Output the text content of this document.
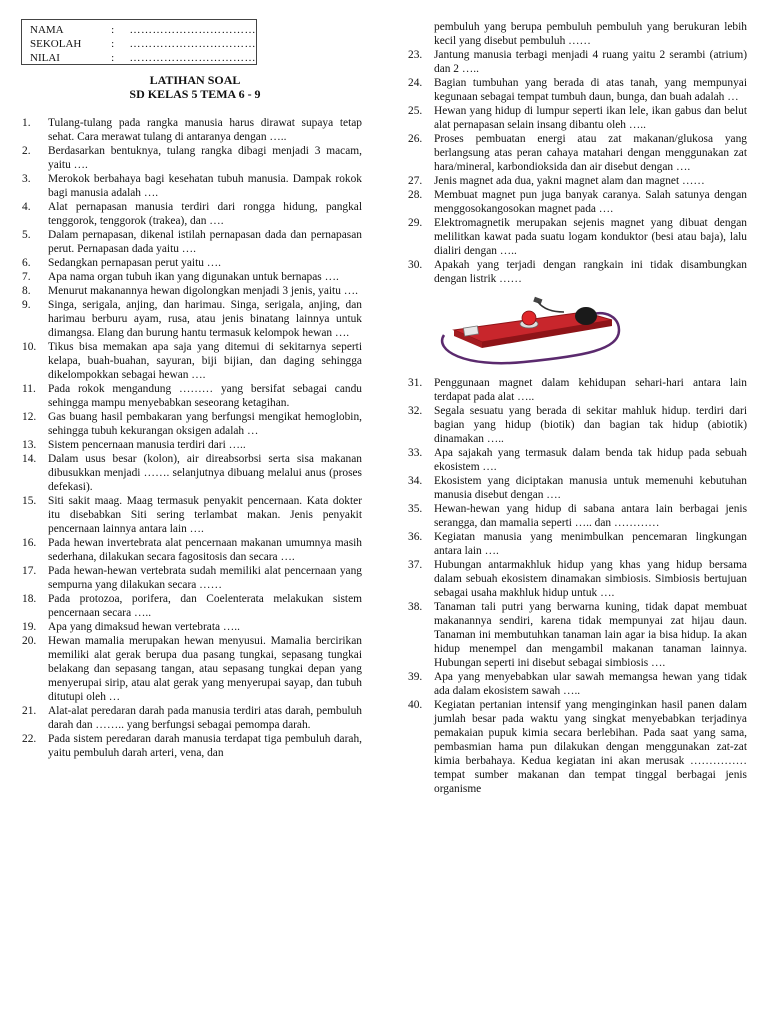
NAMA	:	……………………………
SEKOLAH	:	……………………………
NILAI	:	……………………………
LATIHAN SOAL
SD KELAS 5 TEMA 6 - 9
1.	Tulang-tulang pada rangka manusia harus dirawat supaya tetap sehat. Cara merawat tulang di antaranya dengan …..
2.	Berdasarkan bentuknya, tulang rangka dibagi menjadi 3 macam, yaitu ….
3.	Merokok berbahaya bagi kesehatan tubuh manusia. Dampak rokok bagi manusia adalah ….
4.	Alat pernapasan manusia terdiri dari rongga hidung, pangkal tenggorok, tenggorok (trakea), dan ….
5.	Dalam pernapasan, dikenal istilah pernapasan dada dan pernapasan perut. Pernapasan dada yaitu ….
6.	Sedangkan pernapasan perut yaitu ….
7.	Apa nama organ tubuh ikan yang digunakan untuk bernapas ….
8.	Menurut makanannya hewan digolongkan menjadi 3 jenis, yaitu ….
9.	Singa, serigala, anjing, dan harimau. Singa, serigala, anjing, dan harimau berburu ayam, rusa, atau jenis binatang lainnya untuk dimangsa. Elang dan burung hantu termasuk kelompok hewan ….
10.	Tikus bisa memakan apa saja yang ditemui di sekitarnya seperti kelapa, buah-buahan, sayuran, biji bijian, dan daging sehingga dikelompokkan sebagai hewan ….
11.	Pada rokok mengandung ……… yang bersifat sebagai candu sehingga mampu menyebabkan seseorang ketagihan.
12.	Gas buang hasil pembakaran yang berfungsi mengikat hemoglobin, sehingga tubuh kekurangan oksigen adalah …
13.	Sistem pencernaan manusia terdiri dari …..
14.	Dalam usus besar (kolon), air direabsorbsi serta sisa makanan dibusukkan menjadi ……. selanjutnya dibuang melalui anus (proses defekasi).
15.	Siti sakit maag. Maag termasuk penyakit pencernaan. Kata dokter itu disebabkan Siti sering terlambat makan. Jenis penyakit pencernaan lainnya antara lain ….
16.	Pada hewan invertebrata alat pencernaan makanan umumnya masih sederhana, dilakukan secara fagositosis dan secara ….
17.	Pada hewan-hewan vertebrata sudah memiliki alat pencernaan yang sempurna yang dilakukan secara ……
18.	Pada protozoa, porifera, dan Coelenterata melakukan sistem pencernaan secara …..
19.	Apa yang dimaksud hewan vertebrata …..
20.	Hewan mamalia merupakan hewan menyusui. Mamalia bercirikan memiliki alat gerak berupa dua pasang tungkai, sepasang tungkai belakang dan sepasang tangan, atau sepasang tungkai depan yang menyerupai sirip, atau alat gerak yang menyerupai sayap, dan tubuh ditutupi oleh …
21.	Alat-alat peredaran darah pada manusia terdiri atas darah, pembuluh darah dan …….. yang berfungsi sebagai pemompa darah.
22.	Pada sistem peredaran darah manusia terdapat tiga pembuluh darah, yaitu pembuluh darah arteri, vena, dan
pembuluh yang berupa pembuluh pembuluh yang berukuran lebih kecil yang disebut pembuluh ……
23.	Jantung manusia terbagi menjadi 4 ruang yaitu 2 serambi (atrium) dan 2 …..
24.	Bagian tumbuhan yang berada di atas tanah, yang mempunyai kegunaan sebagai tempat tumbuh daun, bunga, dan buah adalah …
25.	Hewan yang hidup di lumpur seperti ikan lele, ikan gabus dan belut alat pernapasan selain insang dibantu oleh …..
26.	Proses pembuatan energi atau zat makanan/glukosa yang berlangsung atas peran cahaya matahari dengan menggunakan zat hara/mineral, karbondioksida dan air disebut dengan ….
27.	Jenis magnet ada dua, yakni magnet alam dan magnet ……
28.	Membuat magnet pun juga banyak caranya. Salah satunya dengan menggosokangosokan magnet pada ….
29.	Elektromagnetik merupakan sejenis magnet yang dibuat dengan melilitkan kawat pada suatu logam konduktor (besi atau baja), lalu dialiri dengan …..
30.	Apakah yang terjadi dengan rangkain ini tidak disambungkan dengan listrik ……
31.	Penggunaan magnet dalam kehidupan sehari-hari antara lain terdapat pada alat …..
32.	Segala sesuatu yang berada di sekitar mahluk hidup. terdiri dari bagian yang hidup (biotik) dan bagian tak hidup (abiotik) dinamakan …..
33.	Apa sajakah yang termasuk dalam benda tak hidup pada sebuah ekosistem ….
34.	Ekosistem yang diciptakan manusia untuk memenuhi kebutuhan manusia disebut dengan ….
35.	Hewan-hewan yang hidup di sabana antara lain berbagai jenis serangga, dan mamalia seperti ….. dan …………
36.	Kegiatan manusia yang menimbulkan pencemaran lingkungan antara lain ….
37.	Hubungan antarmakhluk hidup yang khas yang hidup bersama dalam sebuah ekosistem dinamakan simbiosis. Simbiosis bertujuan sebagai usaha makhluk hidup untuk ….
38.	Tanaman tali putri yang berwarna kuning, tidak dapat membuat makanannya sendiri, karena tidak mempunyai zat hijau daun. Tanaman ini membutuhkan tanaman lain agar ia bisa hidup. Ia akan hidup menempel dan mengambil makanan tanaman lainnya. Hubungan seperti ini disebut sebagai simbiosis ….
39.	Apa yang menyebabkan ular sawah memangsa hewan yang tidak ada dalam ekosistem sawah …..
40.	Kegiatan pertanian intensif yang menginginkan hasil panen dalam jumlah besar pada waktu yang singkat menyebabkan terjadinya pemakaian pupuk kimia secara berlebihan. Pada saat yang sama, pembasmian hama pun dilakukan dengan menggunakan zat-zat kimia berbahaya. Kedua kegiatan ini akan merusak …………… tempat sumber makanan dan tempat tinggal berbagai jenis organisme
